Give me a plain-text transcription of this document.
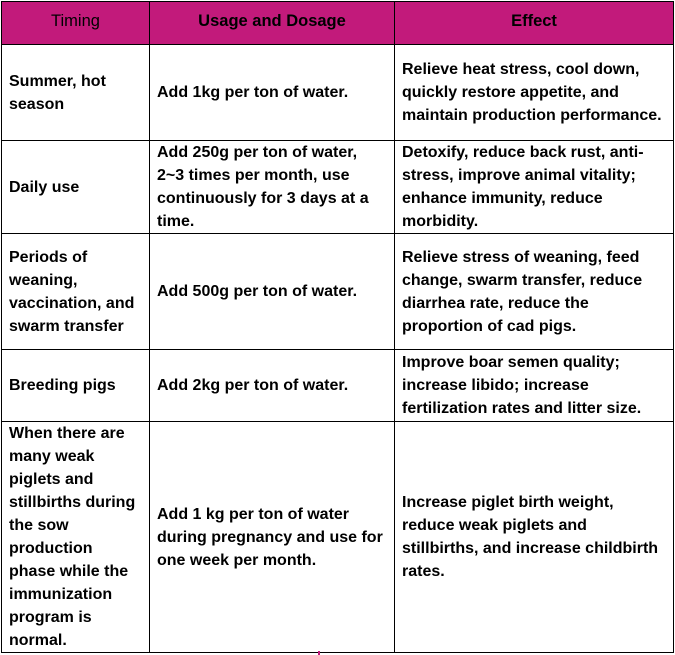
Timing	Usage and Dosage	Effect
Summer, hot season	Add 1kg per ton of water.	Relieve heat stress, cool down, quickly restore appetite, and maintain production performance.
Daily use	Add 250g per ton of water, 2~3 times per month, use continuously for 3 days at a time.	Detoxify, reduce back rust, anti-stress, improve animal vitality; enhance immunity, reduce morbidity.
Periods of weaning, vaccination, and swarm transfer	Add 500g per ton of water.	Relieve stress of weaning, feed change, swarm transfer, reduce diarrhea rate, reduce the proportion of cad pigs.
Breeding pigs	Add 2kg per ton of water.	Improve boar semen quality; increase libido; increase fertilization rates and litter size.
When there are many weak piglets and stillbirths during the sow production phase while the immunization program is normal.	Add 1 kg per ton of water during pregnancy and use for one week per month.	Increase piglet birth weight, reduce weak piglets and stillbirths, and increase childbirth rates.
